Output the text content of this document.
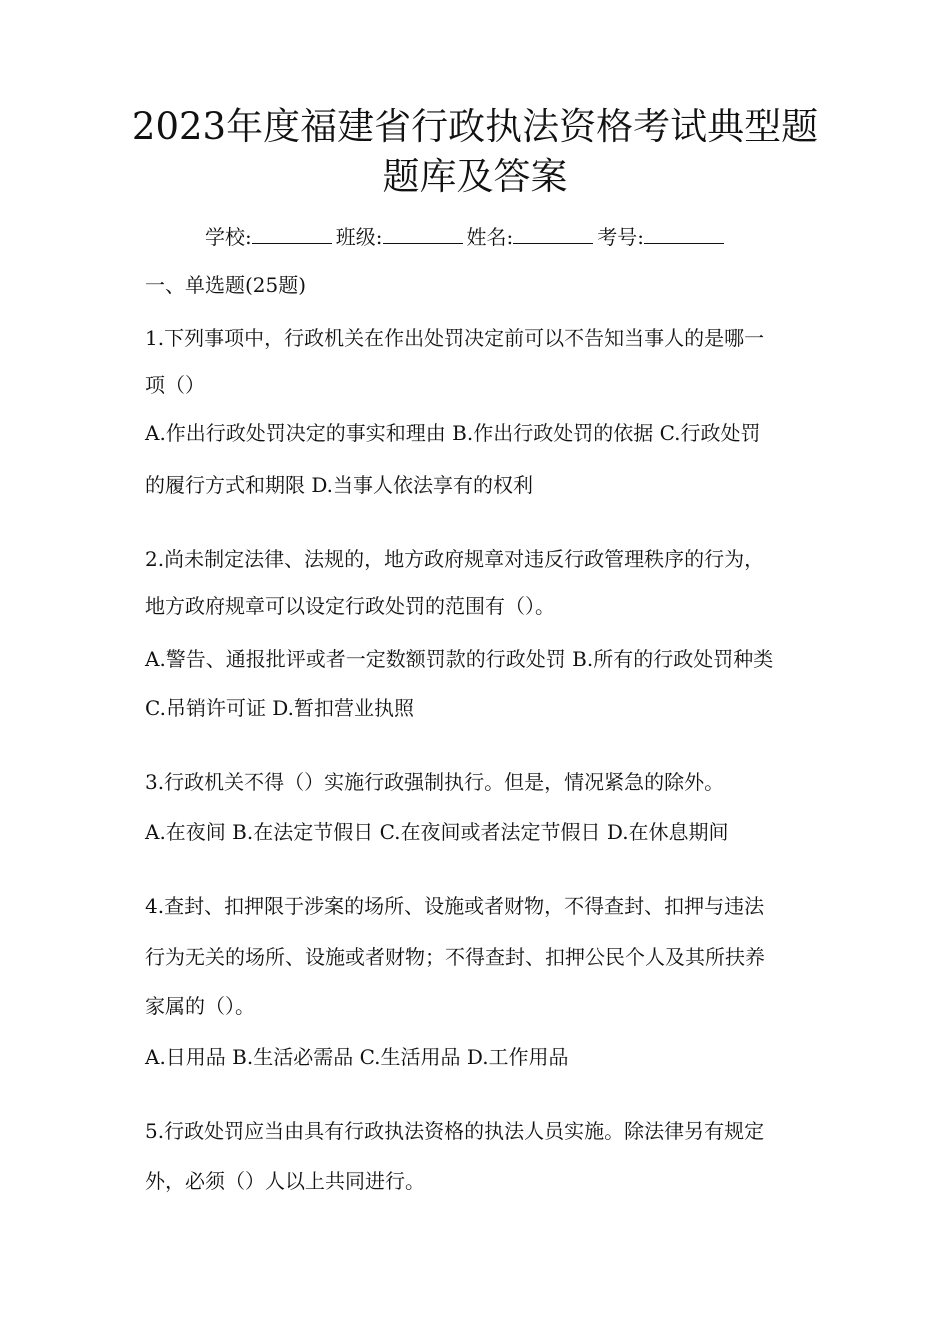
2023年度福建省行政执法资格考试典型题
题库及答案
学校:	班级:	姓名:	考号:
一、单选题(25题)
1.下列事项中，行政机关在作出处罚决定前可以不告知当事人的是哪一
项（）
A.作出行政处罚决定的事实和理由 B.作出行政处罚的依据 C.行政处罚
的履行方式和期限 D.当事人依法享有的权利
2.尚未制定法律、法规的，地方政府规章对违反行政管理秩序的行为，
地方政府规章可以设定行政处罚的范围有（）。
A.警告、通报批评或者一定数额罚款的行政处罚 B.所有的行政处罚种类
C.吊销许可证 D.暂扣营业执照
3.行政机关不得（）实施行政强制执行。但是，情况紧急的除外。
A.在夜间 B.在法定节假日 C.在夜间或者法定节假日 D.在休息期间
4.查封、扣押限于涉案的场所、设施或者财物，不得查封、扣押与违法
行为无关的场所、设施或者财物；不得查封、扣押公民个人及其所扶养
家属的（）。
A.日用品 B.生活必需品 C.生活用品 D.工作用品
5.行政处罚应当由具有行政执法资格的执法人员实施。除法律另有规定
外，必须（）人以上共同进行。
